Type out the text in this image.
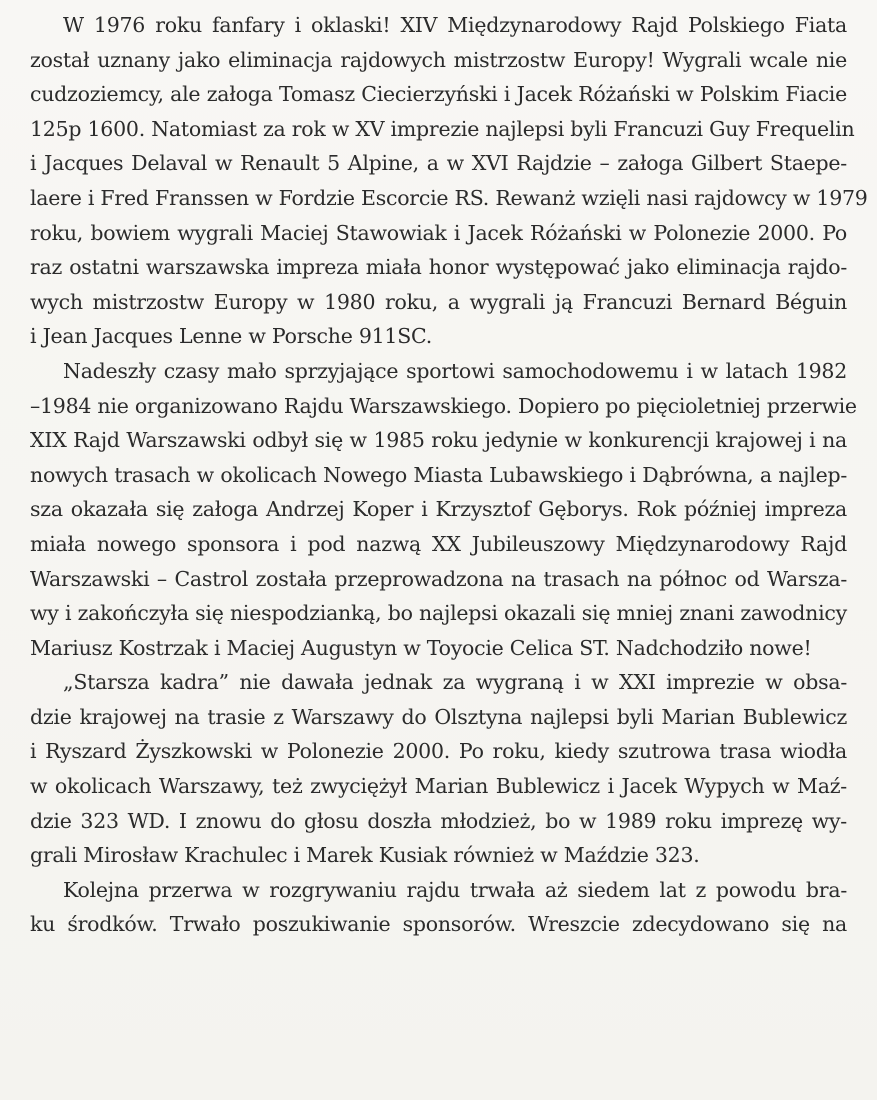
W 1976 roku fanfary i oklaski! XIV Międzynarodowy Rajd Polskiego Fiata
został uznany jako eliminacja rajdowych mistrzostw Europy! Wygrali wcale nie
cudzoziemcy, ale załoga Tomasz Ciecierzyński i Jacek Różański w Polskim Fiacie
125p 1600. Natomiast za rok w XV imprezie najlepsi byli Francuzi Guy Frequelin
i Jacques Delaval w Renault 5 Alpine, a w XVI Rajdzie – załoga Gilbert Staepe-
laere i Fred Franssen w Fordzie Escorcie RS. Rewanż wzięli nasi rajdowcy w 1979
roku, bowiem wygrali Maciej Stawowiak i Jacek Różański w Polonezie 2000. Po
raz ostatni warszawska impreza miała honor występować jako eliminacja rajdo-
wych mistrzostw Europy w 1980 roku, a wygrali ją Francuzi Bernard Béguin
i Jean Jacques Lenne w Porsche 911SC.

Nadeszły czasy mało sprzyjające sportowi samochodowemu i w latach 1982
–1984 nie organizowano Rajdu Warszawskiego. Dopiero po pięcioletniej przerwie
XIX Rajd Warszawski odbył się w 1985 roku jedynie w konkurencji krajowej i na
nowych trasach w okolicach Nowego Miasta Lubawskiego i Dąbrówna, a najlep-
sza okazała się załoga Andrzej Koper i Krzysztof Gęborys. Rok później impreza
miała nowego sponsora i pod nazwą XX Jubileuszowy Międzynarodowy Rajd
Warszawski – Castrol została przeprowadzona na trasach na północ od Warsza-
wy i zakończyła się niespodzianką, bo najlepsi okazali się mniej znani zawodnicy
Mariusz Kostrzak i Maciej Augustyn w Toyocie Celica ST. Nadchodziło nowe!

„Starsza kadra” nie dawała jednak za wygraną i w XXI imprezie w obsa-
dzie krajowej na trasie z Warszawy do Olsztyna najlepsi byli Marian Bublewicz
i Ryszard Żyszkowski w Polonezie 2000. Po roku, kiedy szutrowa trasa wiodła
w okolicach Warszawy, też zwyciężył Marian Bublewicz i Jacek Wypych w Maź-
dzie 323 WD. I znowu do głosu doszła młodzież, bo w 1989 roku imprezę wy-
grali Mirosław Krachulec i Marek Kusiak również w Maździe 323.

Kolejna przerwa w rozgrywaniu rajdu trwała aż siedem lat z powodu bra-
ku środków. Trwało poszukiwanie sponsorów. Wreszcie zdecydowano się na
